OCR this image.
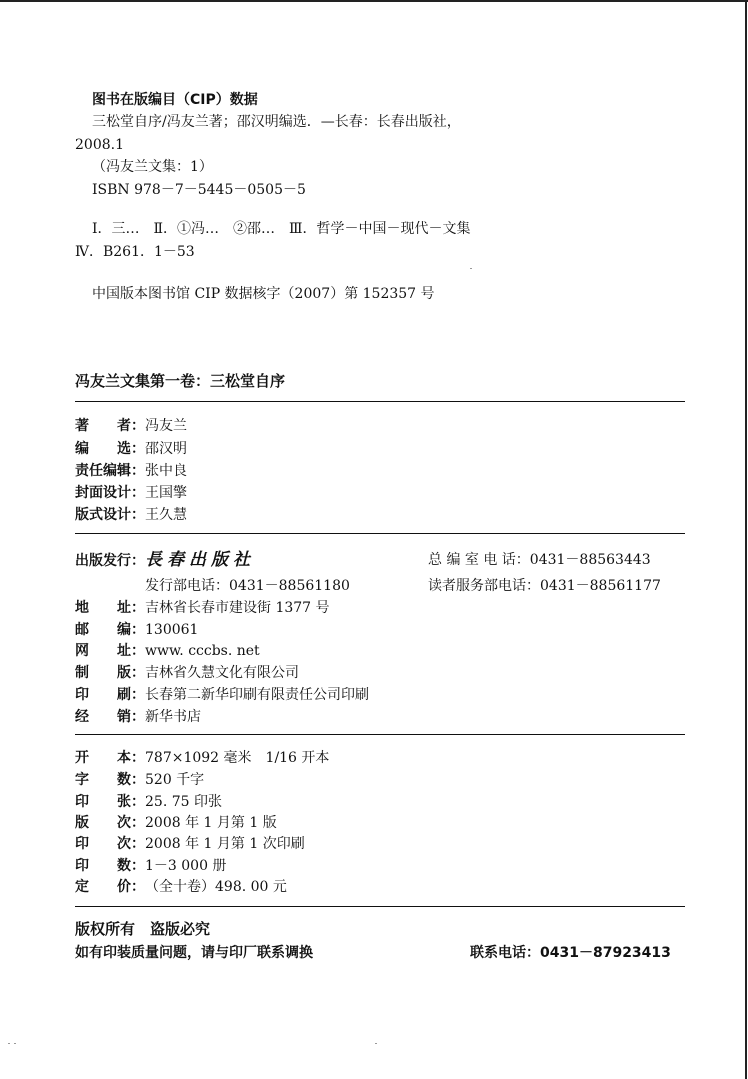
图书在版编目（CIP）数据
三松堂自序/冯友兰著；邵汉明编选．—长春：长春出版社，
2008.1
（冯友兰文集：1）
ISBN 978－7－5445－0505－5
Ⅰ．三…　Ⅱ．①冯…　②邵…　Ⅲ．哲学－中国－现代－文集
Ⅳ．B261．1－53
中国版本图书馆 CIP 数据核字（2007）第 152357 号
冯友兰文集第一卷：三松堂自序
著　　者：冯友兰
编　　选：邵汉明
责任编辑：张中良
封面设计：王国擎
版式设计：王久慧
出版发行：長春出版社	总 编 室 电 话：0431－88563443
发行部电话：0431－88561180	读者服务部电话：0431－88561177
地　　址：吉林省长春市建设街 1377 号
邮　　编：130061
网　　址：www. cccbs. net
制　　版：吉林省久慧文化有限公司
印　　刷：长春第二新华印刷有限责任公司印刷
经　　销：新华书店
开　　本：787×1092 毫米　1/16 开本
字　　数：520 千字
印　　张：25. 75 印张
版　　次：2008 年 1 月第 1 版
印　　次：2008 年 1 月第 1 次印刷
印　　数：1－3 000 册
定　　价：（全十卷）498. 00 元
版权所有　盗版必究
如有印装质量问题，请与印厂联系调换	联系电话：0431－87923413
